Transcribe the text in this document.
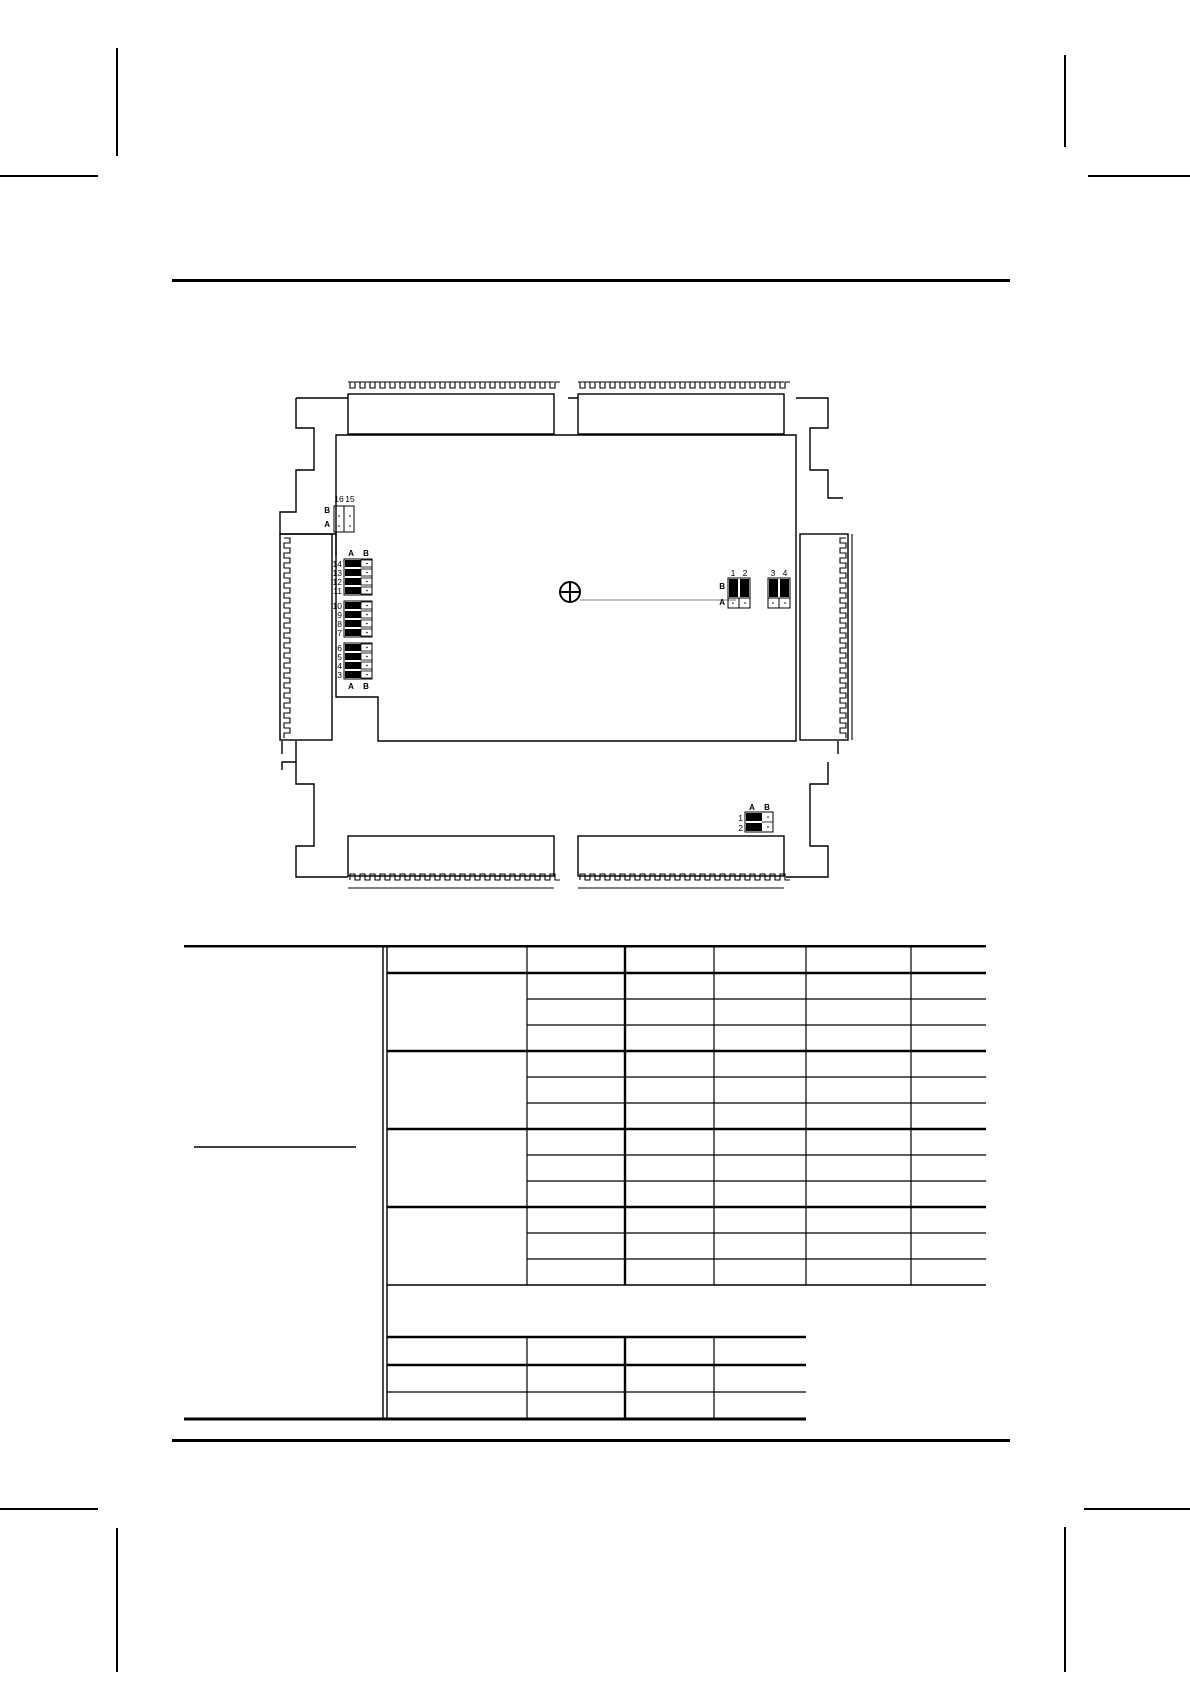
16 15
B
A
A B
14
13
12
11
10
9
8
7
6
5
4
3
A B
1 2
B
A
3 4
A B
1
2
